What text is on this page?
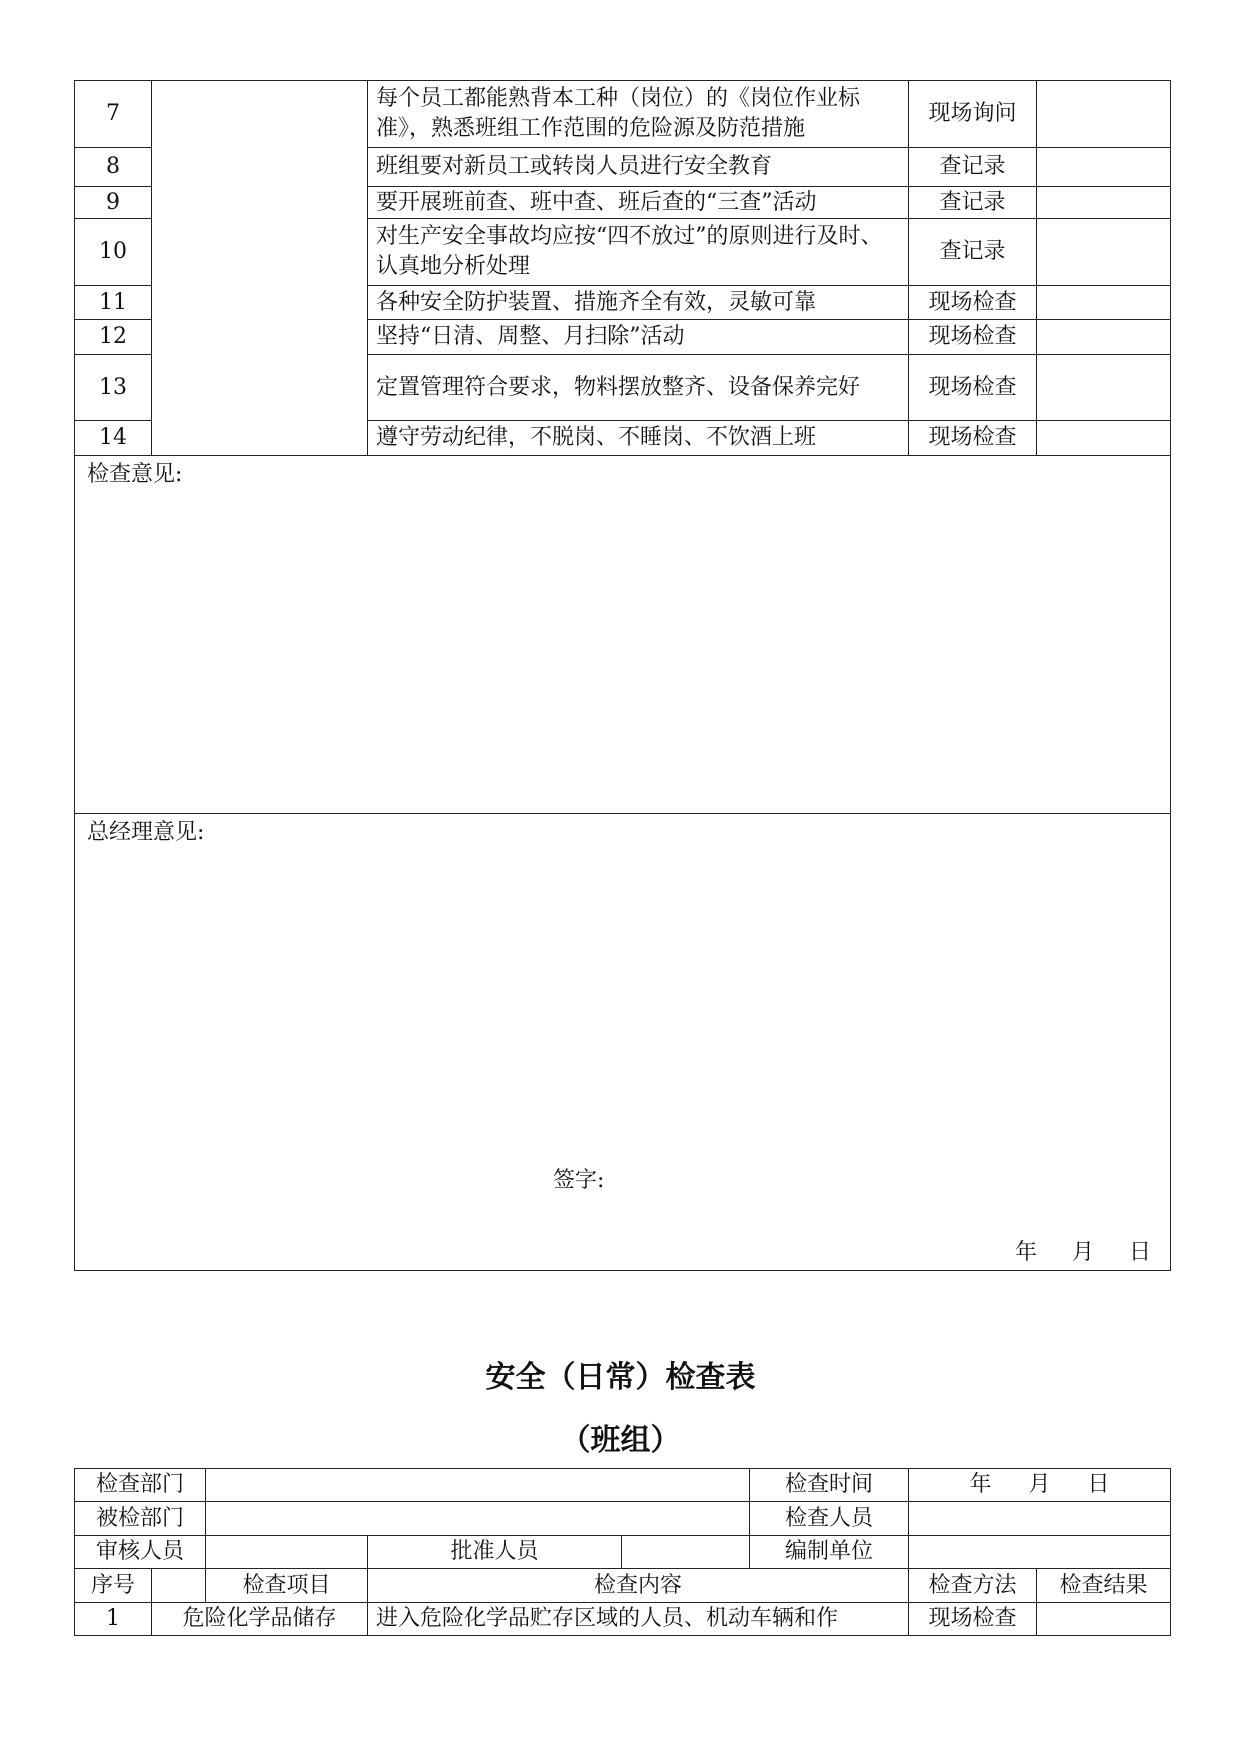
7		每个员工都能熟背本工种（岗位）的《岗位作业标准》，熟悉班组工作范围的危险源及防范措施	现场询问	
8		班组要对新员工或转岗人员进行安全教育	查记录	
9		要开展班前查、班中查、班后查的“三查”活动	查记录	
10		对生产安全事故均应按“四不放过”的原则进行及时、认真地分析处理	查记录	
11		各种安全防护装置、措施齐全有效，灵敏可靠	现场检查	
12		坚持“日清、周整、月扫除”活动	现场检查	
13		定置管理符合要求，物料摆放整齐、设备保养完好	现场检查	
14		遵守劳动纪律，不脱岗、不睡岗、不饮酒上班	现场检查	
检查意见:				
总经理意见:				
签字:
年 月 日
安全（日常）检查表
（班组）
检查部门					检查时间	年 月 日	
被检部门					检查人员		
审核人员			批准人员		编制单位		
序号		检查项目	检查内容			检查方法	检查结果
1	危险化学品储存		进入危险化学品贮存区域的人员、机动车辆和作			现场检查	
